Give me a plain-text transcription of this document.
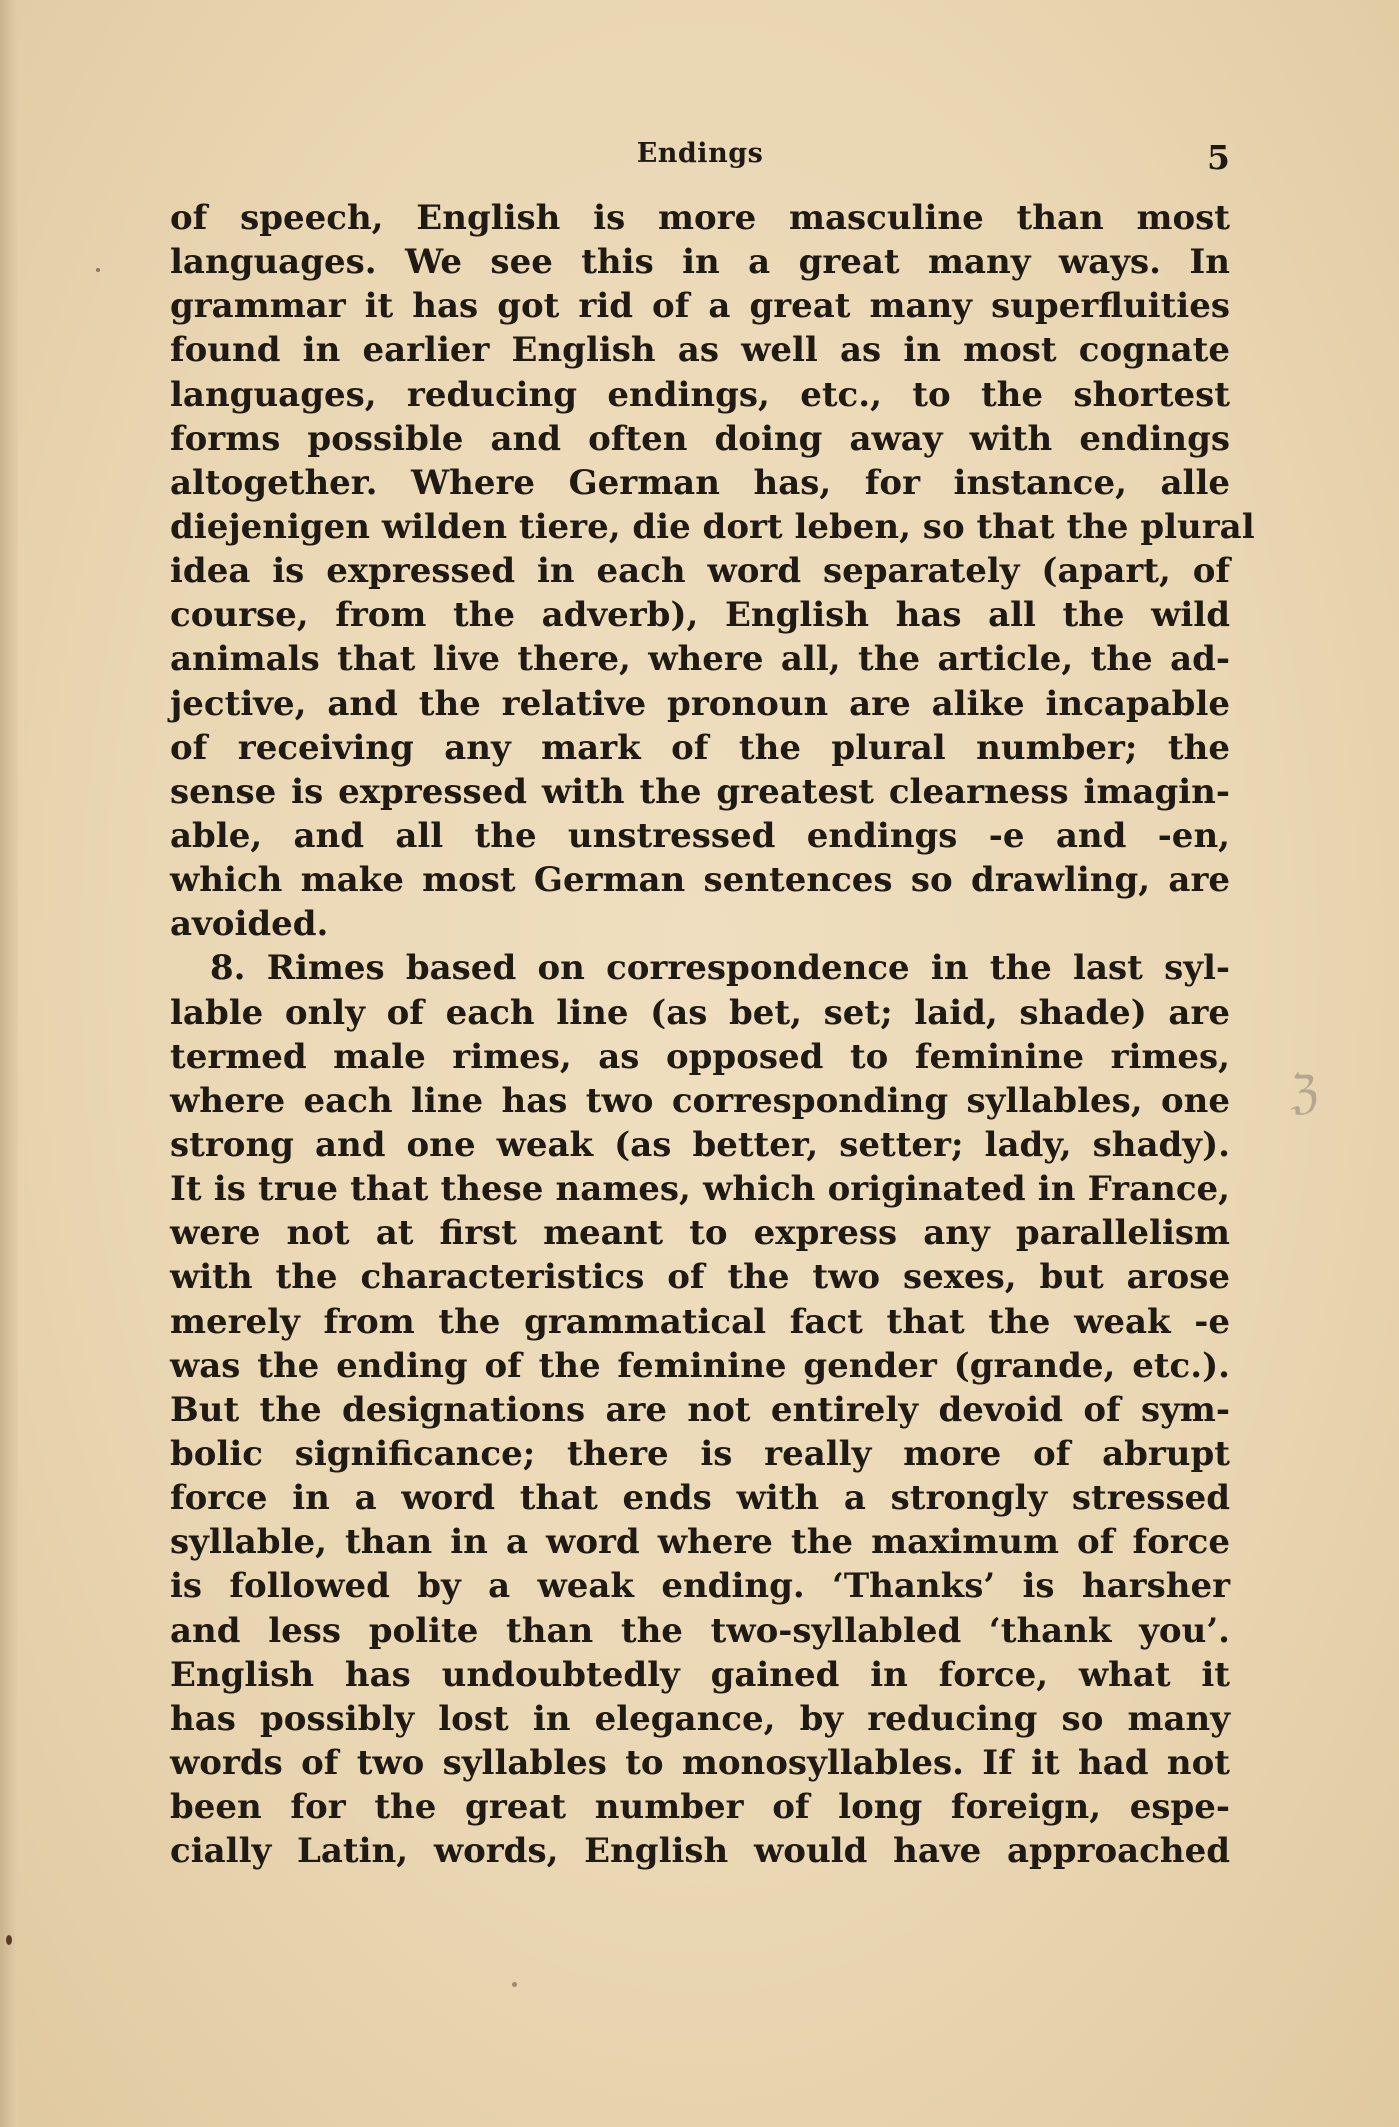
Endings	5
of speech, English is more masculine than most
languages. We see this in a great many ways. In
grammar it has got rid of a great many superfluities
found in earlier English as well as in most cognate
languages, reducing endings, etc., to the shortest
forms possible and often doing away with endings
altogether. Where German has, for instance, alle
diejenigen wilden tiere, die dort leben, so that the plural
idea is expressed in each word separately (apart, of
course, from the adverb), English has all the wild
animals that live there, where all, the article, the ad-
jective, and the relative pronoun are alike incapable
of receiving any mark of the plural number; the
sense is expressed with the greatest clearness imagin-
able, and all the unstressed endings -e and -en,
which make most German sentences so drawling, are
avoided.
8. Rimes based on correspondence in the last syl-
lable only of each line (as bet, set; laid, shade) are
termed male rimes, as opposed to feminine rimes,
where each line has two corresponding syllables, one
strong and one weak (as better, setter; lady, shady).
It is true that these names, which originated in France,
were not at first meant to express any parallelism
with the characteristics of the two sexes, but arose
merely from the grammatical fact that the weak -e
was the ending of the feminine gender (grande, etc.).
But the designations are not entirely devoid of sym-
bolic significance; there is really more of abrupt
force in a word that ends with a strongly stressed
syllable, than in a word where the maximum of force
is followed by a weak ending. ‘Thanks’ is harsher
and less polite than the two-syllabled ‘thank you’.
English has undoubtedly gained in force, what it
has possibly lost in elegance, by reducing so many
words of two syllables to monosyllables. If it had not
been for the great number of long foreign, espe-
cially Latin, words, English would have approached
ℨ
